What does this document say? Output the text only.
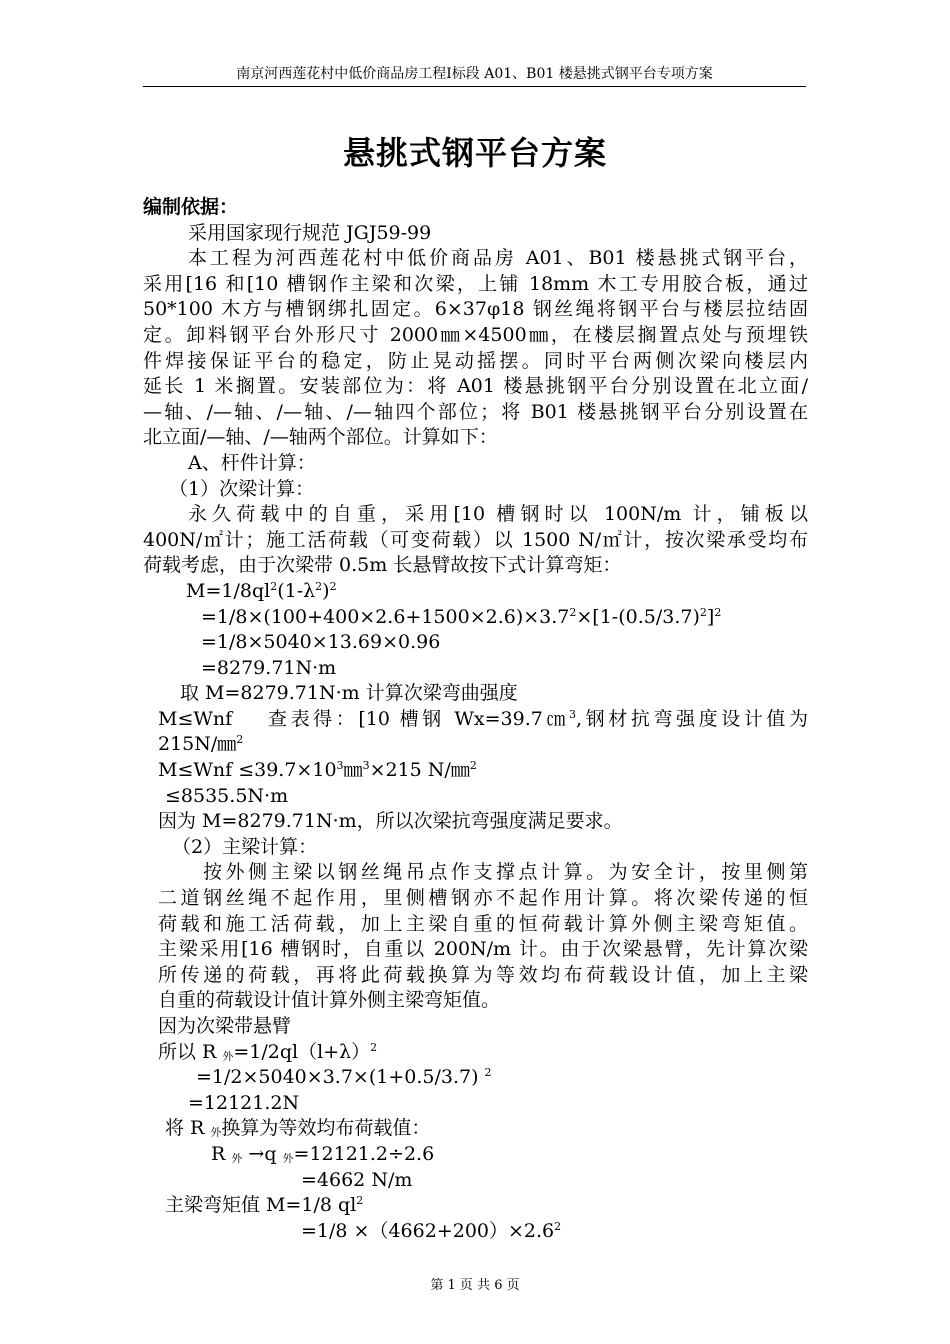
南京河西莲花村中低价商品房工程Ⅰ标段 A01、B01 楼悬挑式钢平台专项方案
悬挑式钢平台方案
编制依据：
采用国家现行规范 JGJ59-99
本工程为河西莲花村中低价商品房 A01、B01 楼悬挑式钢平台，
采用[16 和[10 槽钢作主梁和次梁，上铺 18mm 木工专用胶合板，通过
50*100 木方与槽钢绑扎固定。6×37φ18 钢丝绳将钢平台与楼层拉结固
定。卸料钢平台外形尺寸 2000㎜×4500㎜，在楼层搁置点处与预埋铁
件焊接保证平台的稳定，防止晃动摇摆。同时平台两侧次梁向楼层内
延长 1 米搁置。安装部位为：将 A01 楼悬挑钢平台分别设置在北立面/
—轴、/—轴、/—轴、/—轴四个部位；将 B01 楼悬挑钢平台分别设置在
北立面/—轴、/—轴两个部位。计算如下：
A、杆件计算：
（1）次梁计算：
永久荷载中的自重，采用[10 槽钢时以 100N/m 计，铺板以
400N/㎡计；施工活荷载（可变荷载）以 1500 N/㎡计，按次梁承受均布
荷载考虑，由于次梁带 0.5m 长悬臂故按下式计算弯矩：
$M=1/8ql^2(1-\lambda^2)^2$
$=1/8\times(100+400\times 2.6+1500\times 2.6)\times 3.7^2\times[1-(0.5/3.7)^2]^2$
=1/8×5040×13.69×0.96
=8279.71N·m
取 M=8279.71N·m 计算次梁弯曲强度
M≤Wnf　 查表得：[10 槽钢 Wx=39.7㎝$^3$,钢材抗弯强度设计值为
215N/㎜$^2$
$M\le Wnf \le 39.7\times 10^3㎜^3\times 215$ N/㎜$^2$
≤8535.5N·m
因为 M=8279.71N·m，所以次梁抗弯强度满足要求。
（2）主梁计算：
按外侧主梁以钢丝绳吊点作支撑点计算。为安全计，按里侧第
二道钢丝绳不起作用，里侧槽钢亦不起作用计算。将次梁传递的恒
荷载和施工活荷载，加上主梁自重的恒荷载计算外侧主梁弯矩值。
主梁采用[16 槽钢时，自重以 200N/m 计。由于次梁悬臂，先计算次梁
所传递的荷载，再将此荷载换算为等效均布荷载设计值，加上主梁
自重的荷载设计值计算外侧主梁弯矩值。
因为次梁带悬臂
所以 R $_外=1/2ql(l+\lambda)^2$
=1/2×5040×3.7×(1+0.5/3.7) $^2$
=12121.2N
将 R $_外$换算为等效均布荷载值：
R $_外$ →q $_外$=12121.2÷2.6
=4662 N/m
主梁弯矩值 M=1/8 $ql^2$
$=1/8 \times(4662+200)\times 2.6^2$
第 1 页 共 6 页
